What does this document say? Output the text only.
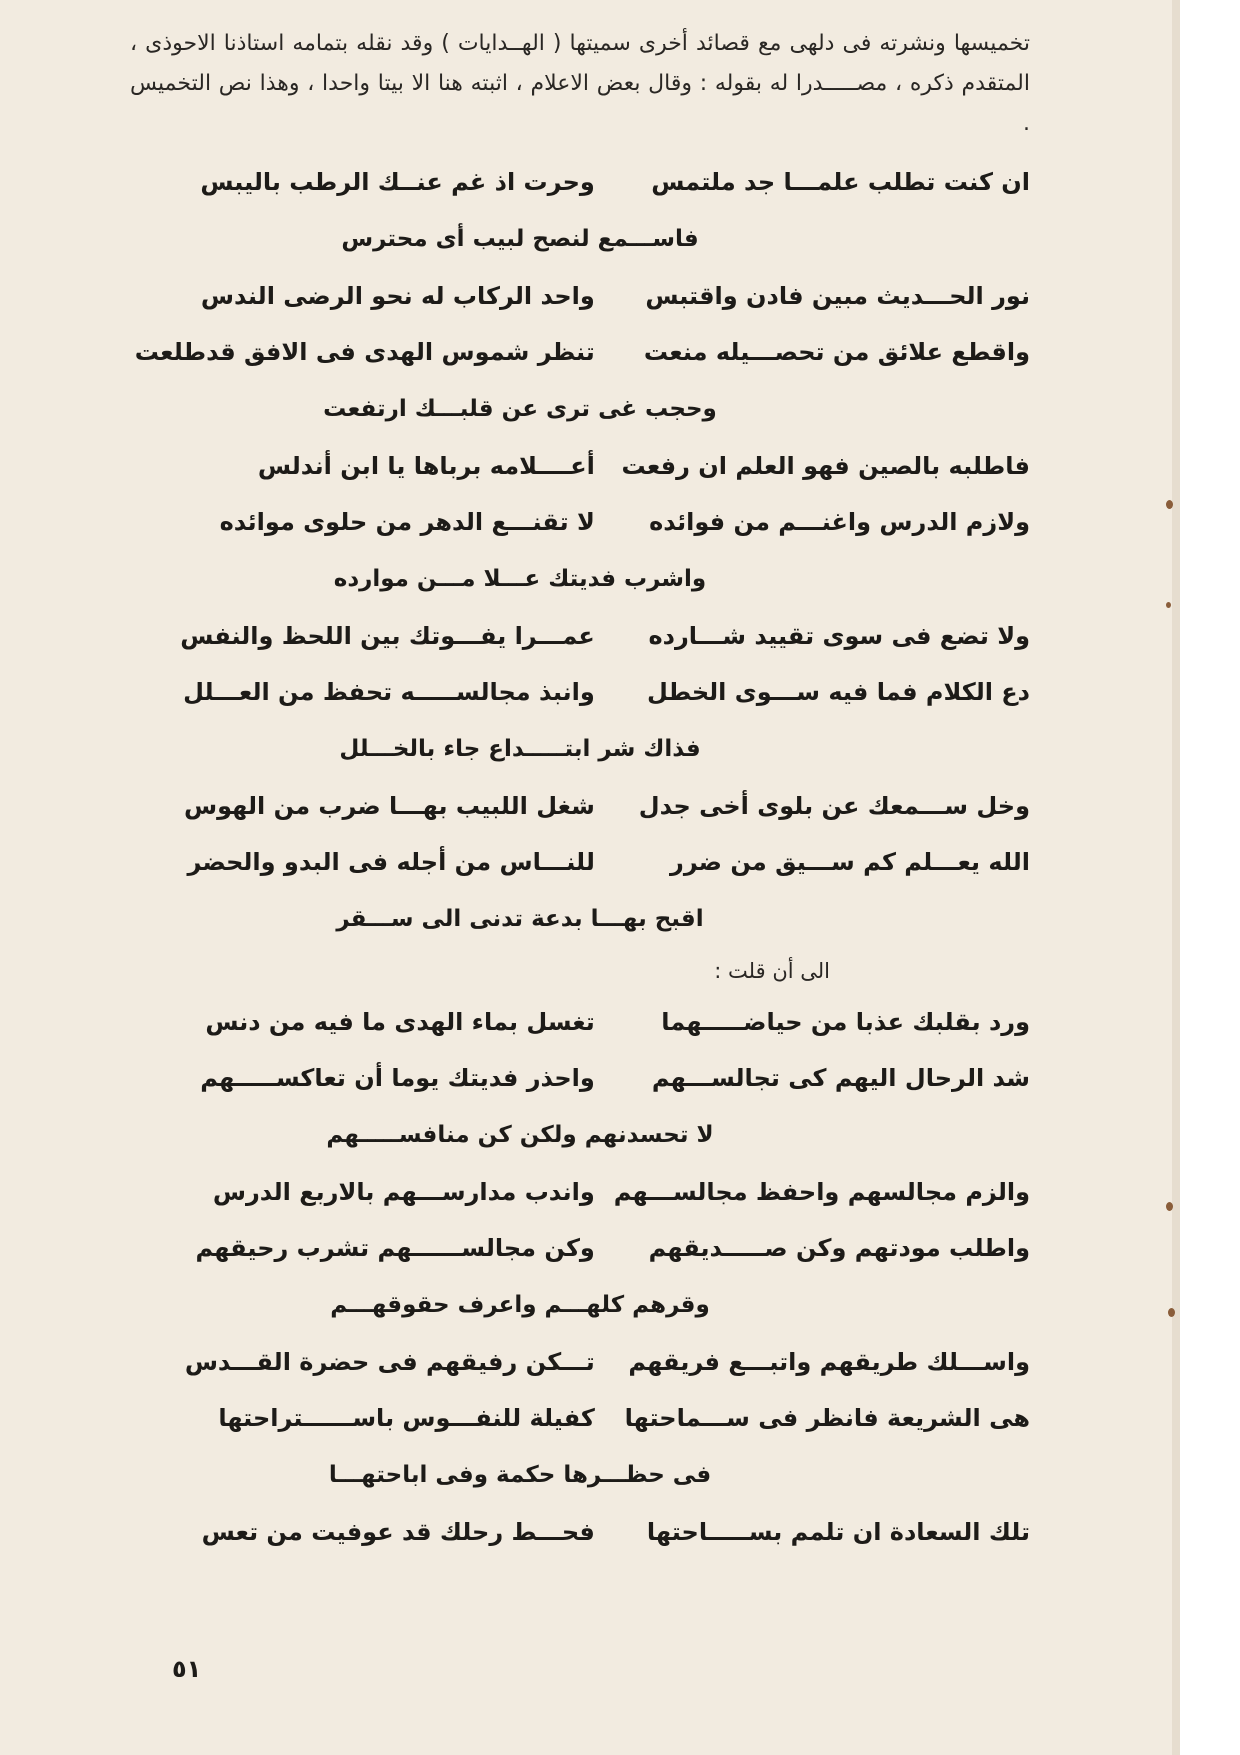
تخميسها ونشرته فى دلهى مع قصائد أخرى سميتها ( الهــدايات ) وقد نقله بتمامه استاذنا الاحوذى ، المتقدم ذكره ، مصـــــدرا له بقوله : وقال بعض الاعلام ، اثبته هنا الا بيتا واحدا ، وهذا نص التخميس .
ان كنت تطلب علمـــا جد ملتمس
وحرت اذ غم عنــك الرطب باليبس
فاســـمع لنصح لبيب أى محترس
نور الحـــديث مبين فادن واقتبس
واحد الركاب له نحو الرضى الندس
واقطع علائق من تحصـــيله منعت
تنظر شموس الهدى فى الافق قدطلعت
وحجب غى ترى عن قلبـــك ارتفعت
فاطلبه بالصين فهو العلم ان رفعت
أعــــلامه برباها يا ابن أندلس
ولازم الدرس واغنـــم من فوائده
لا تقنـــع الدهر من حلوى موائده
واشرب فديتك عـــلا مـــن موارده
ولا تضع فى سوى تقييد شـــارده
عمـــرا يفـــوتك بين اللحظ والنفس
دع الكلام فما فيه ســـوى الخطل
وانبذ مجالســـــه تحفظ من العـــلل
فذاك شر ابتـــــداع جاء بالخـــلل
وخل ســـمعك عن بلوى أخى جدل
شغل اللبيب بهـــا ضرب من الهوس
الله يعـــلم كم ســـيق من ضرر
للنـــاس من أجله فى البدو والحضر
اقبح بهـــا بدعة تدنى الى ســـقر
الى أن قلت :
ورد بقلبك عذبا من حياضـــــهما
تغسل بماء الهدى ما فيه من دنس
شد الرحال اليهم كى تجالســـهم
واحذر فديتك يوما أن تعاكســـــهم
لا تحسدنهم ولكن كن منافســـــهم
والزم مجالسهم واحفظ مجالســـهم
واندب مدارســـهم بالاربع الدرس
واطلب مودتهم وكن صـــــديقهم
وكن مجالســــــهم تشرب رحيقهم
وقرهم كلهـــم واعرف حقوقهـــم
واســـلك طريقهم واتبـــع فريقهم
تـــكن رفيقهم فى حضرة القـــدس
هى الشريعة فانظر فى ســـماحتها
كفيلة للنفـــوس باســــــتراحتها
فى حظـــرها حكمة وفى اباحتهـــا
تلك السعادة ان تلمم بســـــاحتها
فحـــط رحلك قد عوفيت من تعس
٥١
